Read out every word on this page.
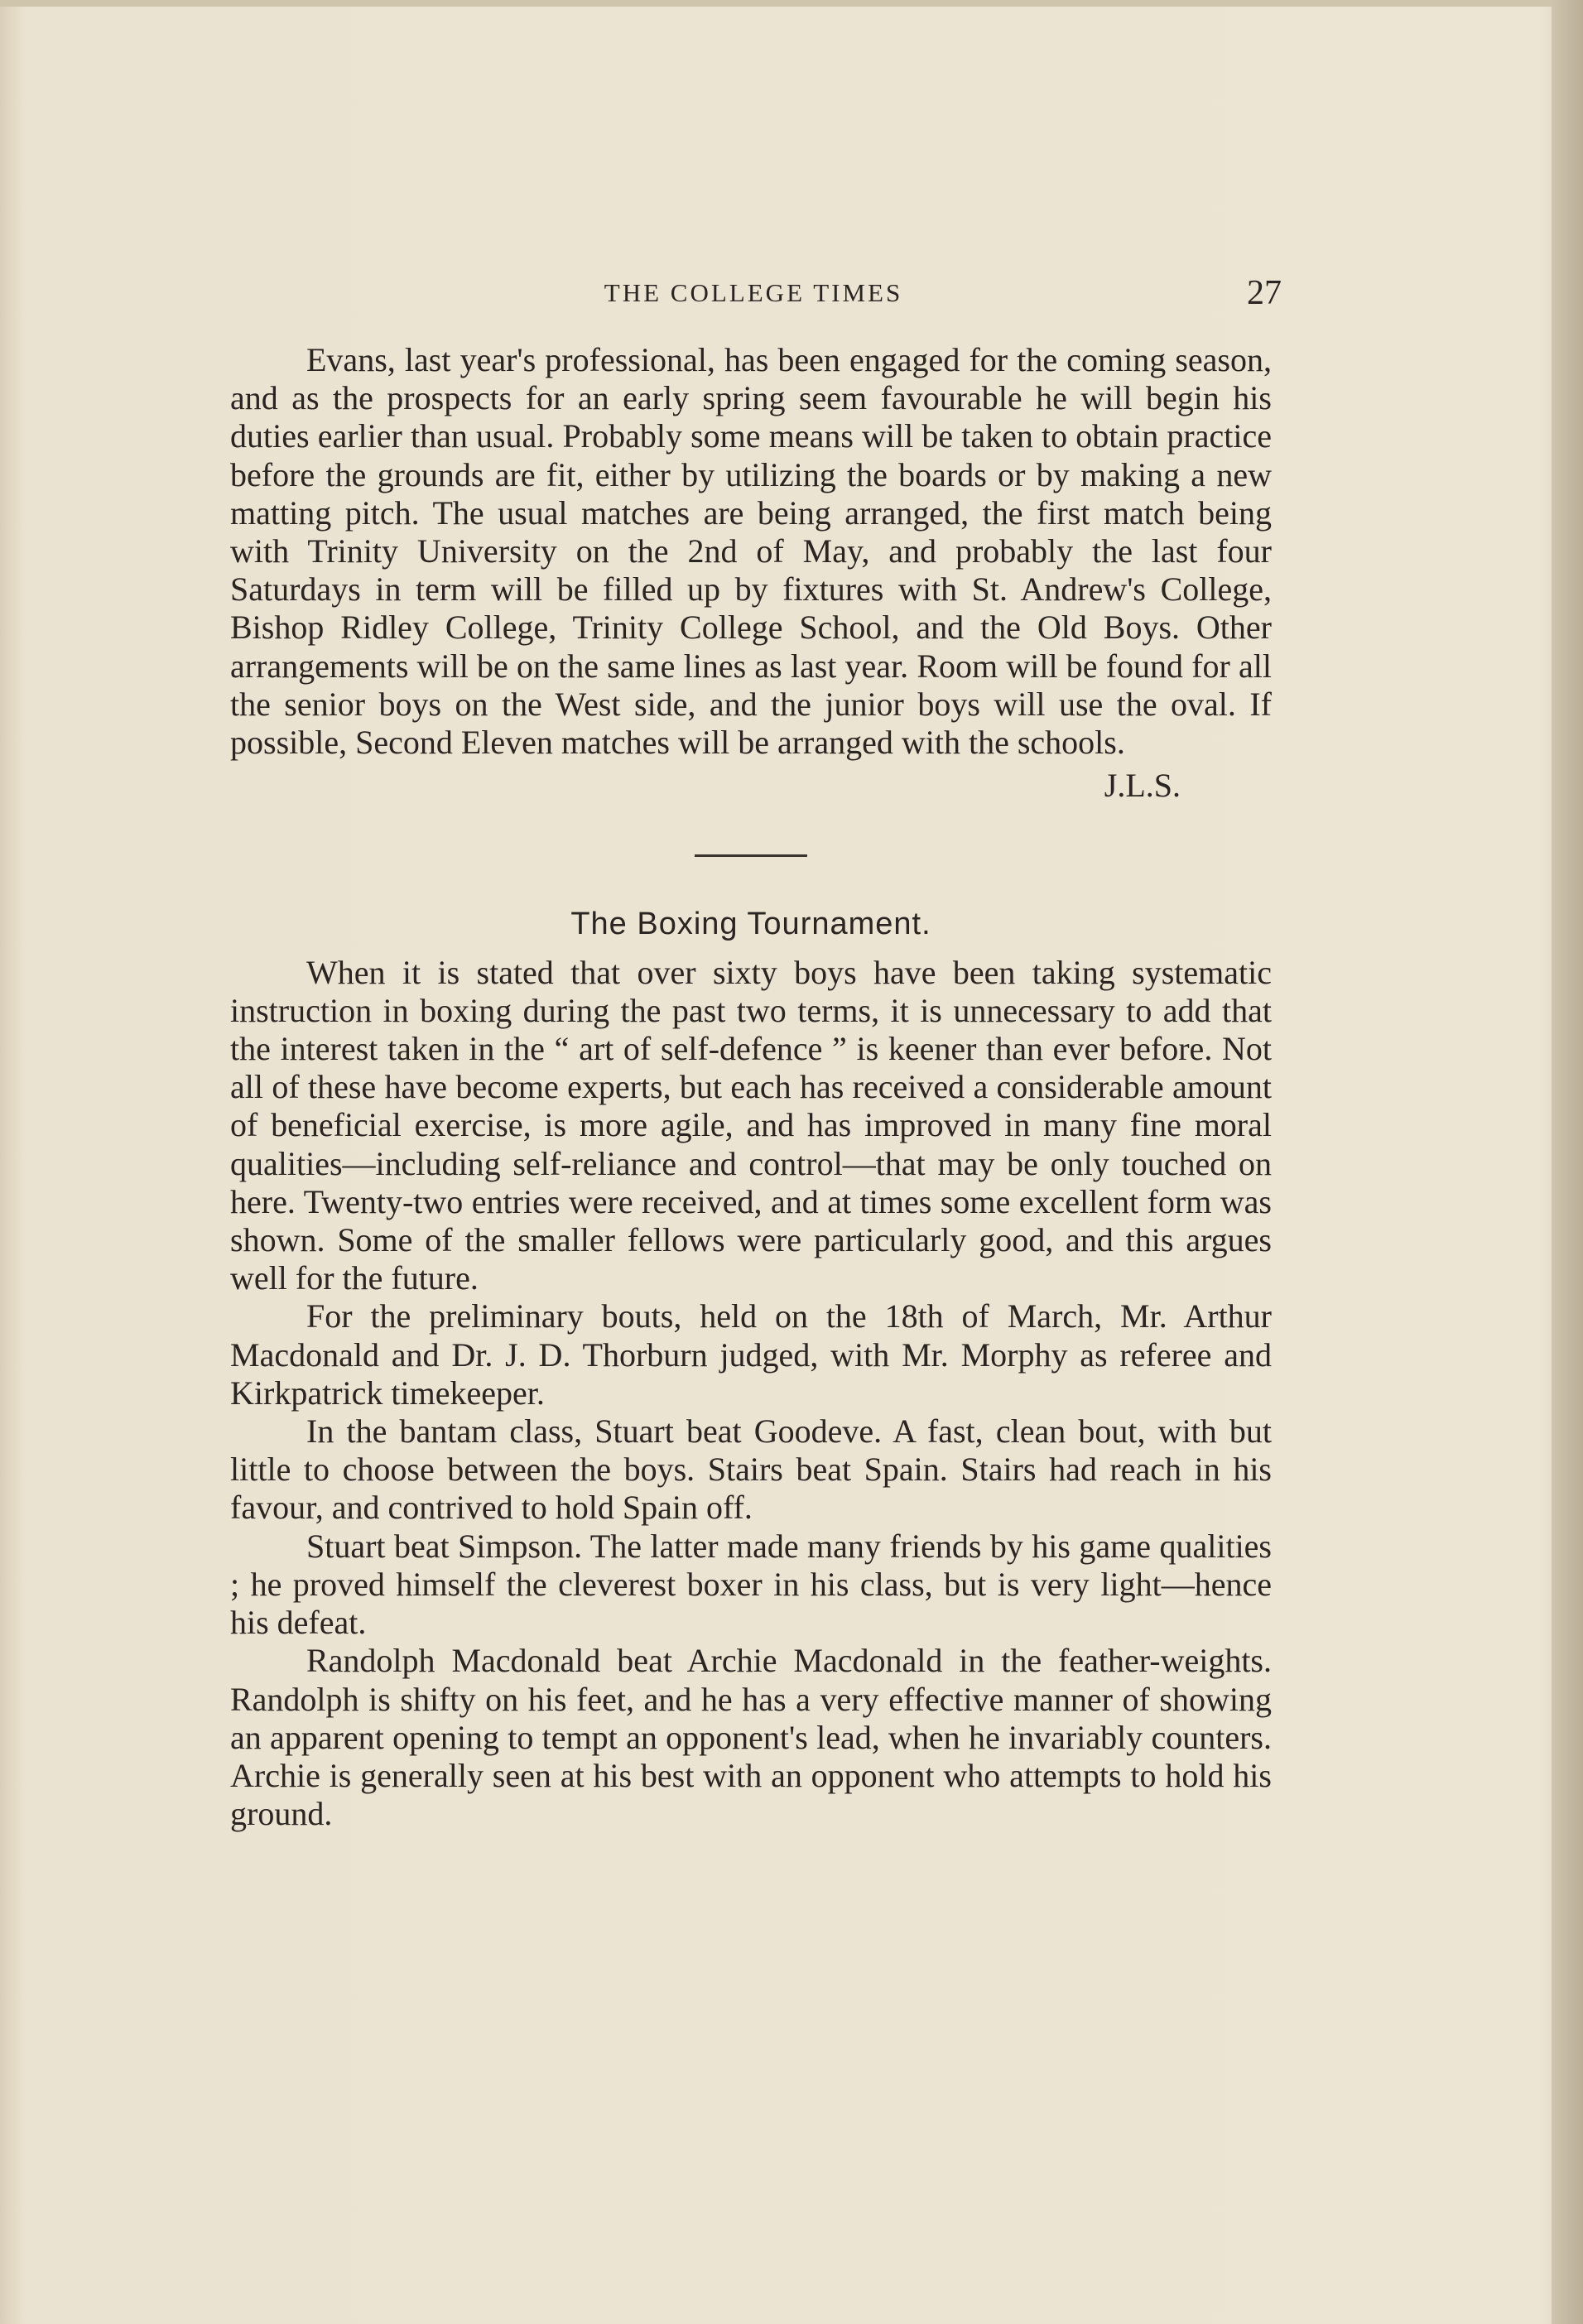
THE COLLEGE TIMES	27

Evans, last year's professional, has been engaged for the coming season, and as the prospects for an early spring seem favourable he will begin his duties earlier than usual. Probably some means will be taken to obtain practice before the grounds are fit, either by utilizing the boards or by making a new matting pitch. The usual matches are being arranged, the first match being with Trinity University on the 2nd of May, and probably the last four Saturdays in term will be filled up by fixtures with St. Andrew's College, Bishop Ridley College, Trinity College School, and the Old Boys. Other arrangements will be on the same lines as last year. Room will be found for all the senior boys on the West side, and the junior boys will use the oval. If possible, Second Eleven matches will be arranged with the schools.

J.L.S.

The Boxing Tournament.

When it is stated that over sixty boys have been taking systematic instruction in boxing during the past two terms, it is unnecessary to add that the interest taken in the “ art of self-defence ” is keener than ever before. Not all of these have become experts, but each has received a considerable amount of beneficial exercise, is more agile, and has improved in many fine moral qualities—including self-reliance and control—that may be only touched on here. Twenty-two entries were received, and at times some excellent form was shown. Some of the smaller fellows were particularly good, and this argues well for the future.

For the preliminary bouts, held on the 18th of March, Mr. Arthur Macdonald and Dr. J. D. Thorburn judged, with Mr. Morphy as referee and Kirkpatrick timekeeper.

In the bantam class, Stuart beat Goodeve. A fast, clean bout, with but little to choose between the boys. Stairs beat Spain. Stairs had reach in his favour, and contrived to hold Spain off.

Stuart beat Simpson. The latter made many friends by his game qualities ; he proved himself the cleverest boxer in his class, but is very light—hence his defeat.

Randolph Macdonald beat Archie Macdonald in the feather-weights. Randolph is shifty on his feet, and he has a very effective manner of showing an apparent opening to tempt an opponent's lead, when he invariably counters. Archie is generally seen at his best with an opponent who attempts to hold his ground.
